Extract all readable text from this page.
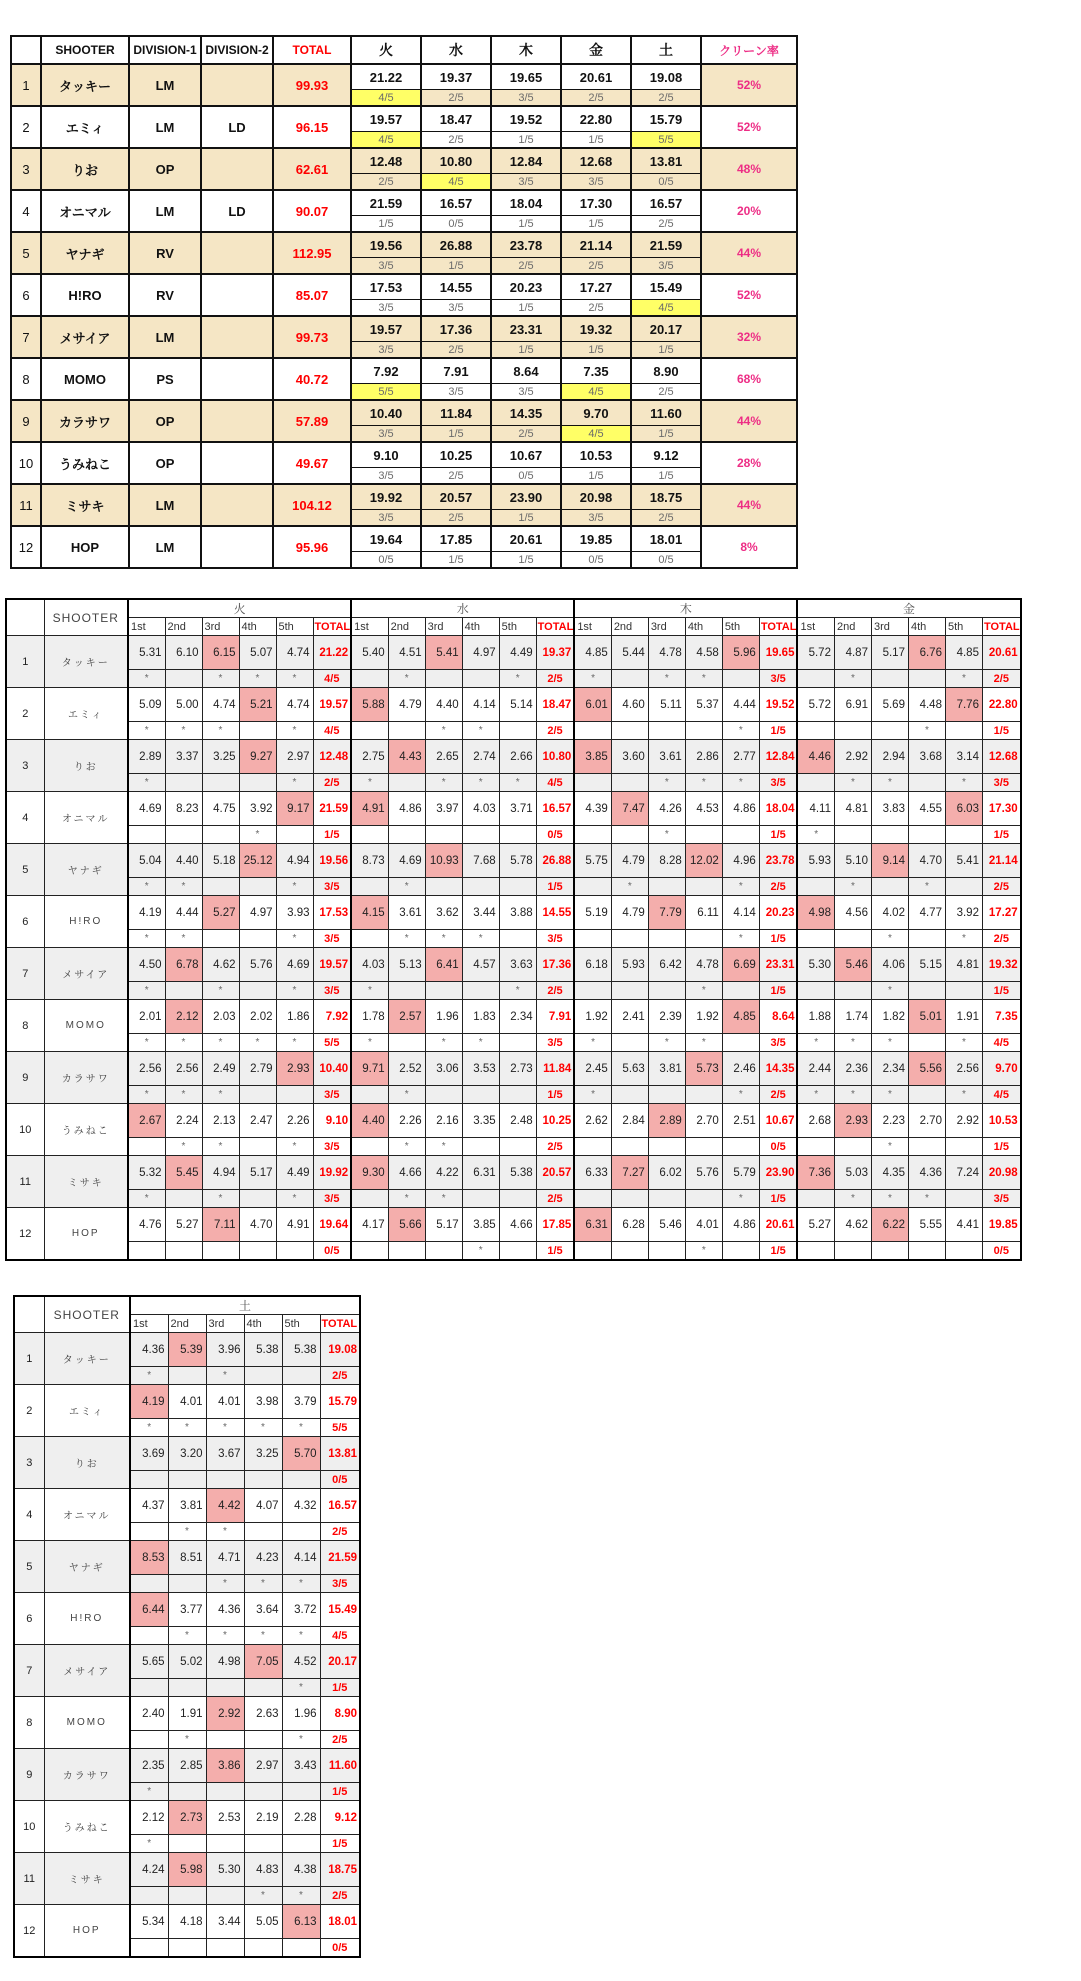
	SHOOTER	DIVISION-1	DIVISION-2	TOTAL	火	水	木	金	土	クリーン率
1	タッキー	LM		99.93	21.22	19.37	19.65	20.61	19.08	52%
					4/5	2/5	3/5	2/5	2/5	
2	エミィ	LM	LD	96.15	19.57	18.47	19.52	22.80	15.79	52%
					4/5	2/5	1/5	1/5	5/5	
3	りお	OP		62.61	12.48	10.80	12.84	12.68	13.81	48%
					2/5	4/5	3/5	3/5	0/5	
4	オニマル	LM	LD	90.07	21.59	16.57	18.04	17.30	16.57	20%
					1/5	0/5	1/5	1/5	2/5	
5	ヤナギ	RV		112.95	19.56	26.88	23.78	21.14	21.59	44%
					3/5	1/5	2/5	2/5	3/5	
6	H!RO	RV		85.07	17.53	14.55	20.23	17.27	15.49	52%
					3/5	3/5	1/5	2/5	4/5	
7	メサイア	LM		99.73	19.57	17.36	23.31	19.32	20.17	32%
					3/5	2/5	1/5	1/5	1/5	
8	MOMO	PS		40.72	7.92	7.91	8.64	7.35	8.90	68%
					5/5	3/5	3/5	4/5	2/5	
9	カラサワ	OP		57.89	10.40	11.84	14.35	9.70	11.60	44%
					3/5	1/5	2/5	4/5	1/5	
10	うみねこ	OP		49.67	9.10	10.25	10.67	10.53	9.12	28%
					3/5	2/5	0/5	1/5	1/5	
11	ミサキ	LM		104.12	19.92	20.57	23.90	20.98	18.75	44%
					3/5	2/5	1/5	3/5	2/5	
12	HOP	LM		95.96	19.64	17.85	20.61	19.85	18.01	8%
					0/5	1/5	1/5	0/5	0/5	
	SHOOTER	火						水						木						金					
		1st	2nd	3rd	4th	5th	TOTAL	1st	2nd	3rd	4th	5th	TOTAL	1st	2nd	3rd	4th	5th	TOTAL	1st	2nd	3rd	4th	5th	TOTAL
1	タッキー	5.31	6.10	6.15	5.07	4.74	21.22	5.40	4.51	5.41	4.97	4.49	19.37	4.85	5.44	4.78	4.58	5.96	19.65	5.72	4.87	5.17	6.76	4.85	20.61
		*		*	*	*	4/5		*			*	2/5	*		*	*		3/5		*			*	2/5
2	エミィ	5.09	5.00	4.74	5.21	4.74	19.57	5.88	4.79	4.40	4.14	5.14	18.47	6.01	4.60	5.11	5.37	4.44	19.52	5.72	6.91	5.69	4.48	7.76	22.80
		*	*	*		*	4/5			*	*		2/5					*	1/5				*		1/5
3	りお	2.89	3.37	3.25	9.27	2.97	12.48	2.75	4.43	2.65	2.74	2.66	10.80	3.85	3.60	3.61	2.86	2.77	12.84	4.46	2.92	2.94	3.68	3.14	12.68
		*				*	2/5	*		*	*	*	4/5			*	*	*	3/5		*	*		*	3/5
4	オニマル	4.69	8.23	4.75	3.92	9.17	21.59	4.91	4.86	3.97	4.03	3.71	16.57	4.39	7.47	4.26	4.53	4.86	18.04	4.11	4.81	3.83	4.55	6.03	17.30
					*		1/5						0/5			*			1/5	*					1/5
5	ヤナギ	5.04	4.40	5.18	25.12	4.94	19.56	8.73	4.69	10.93	7.68	5.78	26.88	5.75	4.79	8.28	12.02	4.96	23.78	5.93	5.10	9.14	4.70	5.41	21.14
		*	*			*	3/5		*				1/5		*			*	2/5		*		*		2/5
6	H!RO	4.19	4.44	5.27	4.97	3.93	17.53	4.15	3.61	3.62	3.44	3.88	14.55	5.19	4.79	7.79	6.11	4.14	20.23	4.98	4.56	4.02	4.77	3.92	17.27
		*	*			*	3/5		*	*	*		3/5					*	1/5			*		*	2/5
7	メサイア	4.50	6.78	4.62	5.76	4.69	19.57	4.03	5.13	6.41	4.57	3.63	17.36	6.18	5.93	6.42	4.78	6.69	23.31	5.30	5.46	4.06	5.15	4.81	19.32
		*		*		*	3/5	*				*	2/5				*		1/5			*			1/5
8	MOMO	2.01	2.12	2.03	2.02	1.86	7.92	1.78	2.57	1.96	1.83	2.34	7.91	1.92	2.41	2.39	1.92	4.85	8.64	1.88	1.74	1.82	5.01	1.91	7.35
		*	*	*	*	*	5/5	*		*	*		3/5	*		*	*		3/5	*	*	*		*	4/5
9	カラサワ	2.56	2.56	2.49	2.79	2.93	10.40	9.71	2.52	3.06	3.53	2.73	11.84	2.45	5.63	3.81	5.73	2.46	14.35	2.44	2.36	2.34	5.56	2.56	9.70
		*	*	*			3/5		*				1/5	*				*	2/5	*	*	*		*	4/5
10	うみねこ	2.67	2.24	2.13	2.47	2.26	9.10	4.40	2.26	2.16	3.35	2.48	10.25	2.62	2.84	2.89	2.70	2.51	10.67	2.68	2.93	2.23	2.70	2.92	10.53
			*	*		*	3/5		*	*			2/5						0/5			*			1/5
11	ミサキ	5.32	5.45	4.94	5.17	4.49	19.92	9.30	4.66	4.22	6.31	5.38	20.57	6.33	7.27	6.02	5.76	5.79	23.90	7.36	5.03	4.35	4.36	7.24	20.98
		*		*		*	3/5		*	*			2/5					*	1/5		*	*	*		3/5
12	HOP	4.76	5.27	7.11	4.70	4.91	19.64	4.17	5.66	5.17	3.85	4.66	17.85	6.31	6.28	5.46	4.01	4.86	20.61	5.27	4.62	6.22	5.55	4.41	19.85
							0/5				*		1/5				*		1/5						0/5
	SHOOTER	土					
		1st	2nd	3rd	4th	5th	TOTAL
1	タッキー	4.36	5.39	3.96	5.38	5.38	19.08
		*		*			2/5
2	エミィ	4.19	4.01	4.01	3.98	3.79	15.79
		*	*	*	*	*	5/5
3	りお	3.69	3.20	3.67	3.25	5.70	13.81
							0/5
4	オニマル	4.37	3.81	4.42	4.07	4.32	16.57
			*	*			2/5
5	ヤナギ	8.53	8.51	4.71	4.23	4.14	21.59
				*	*	*	3/5
6	H!RO	6.44	3.77	4.36	3.64	3.72	15.49
			*	*	*	*	4/5
7	メサイア	5.65	5.02	4.98	7.05	4.52	20.17
						*	1/5
8	MOMO	2.40	1.91	2.92	2.63	1.96	8.90
			*			*	2/5
9	カラサワ	2.35	2.85	3.86	2.97	3.43	11.60
		*					1/5
10	うみねこ	2.12	2.73	2.53	2.19	2.28	9.12
		*					1/5
11	ミサキ	4.24	5.98	5.30	4.83	4.38	18.75
					*	*	2/5
12	HOP	5.34	4.18	3.44	5.05	6.13	18.01
							0/5
